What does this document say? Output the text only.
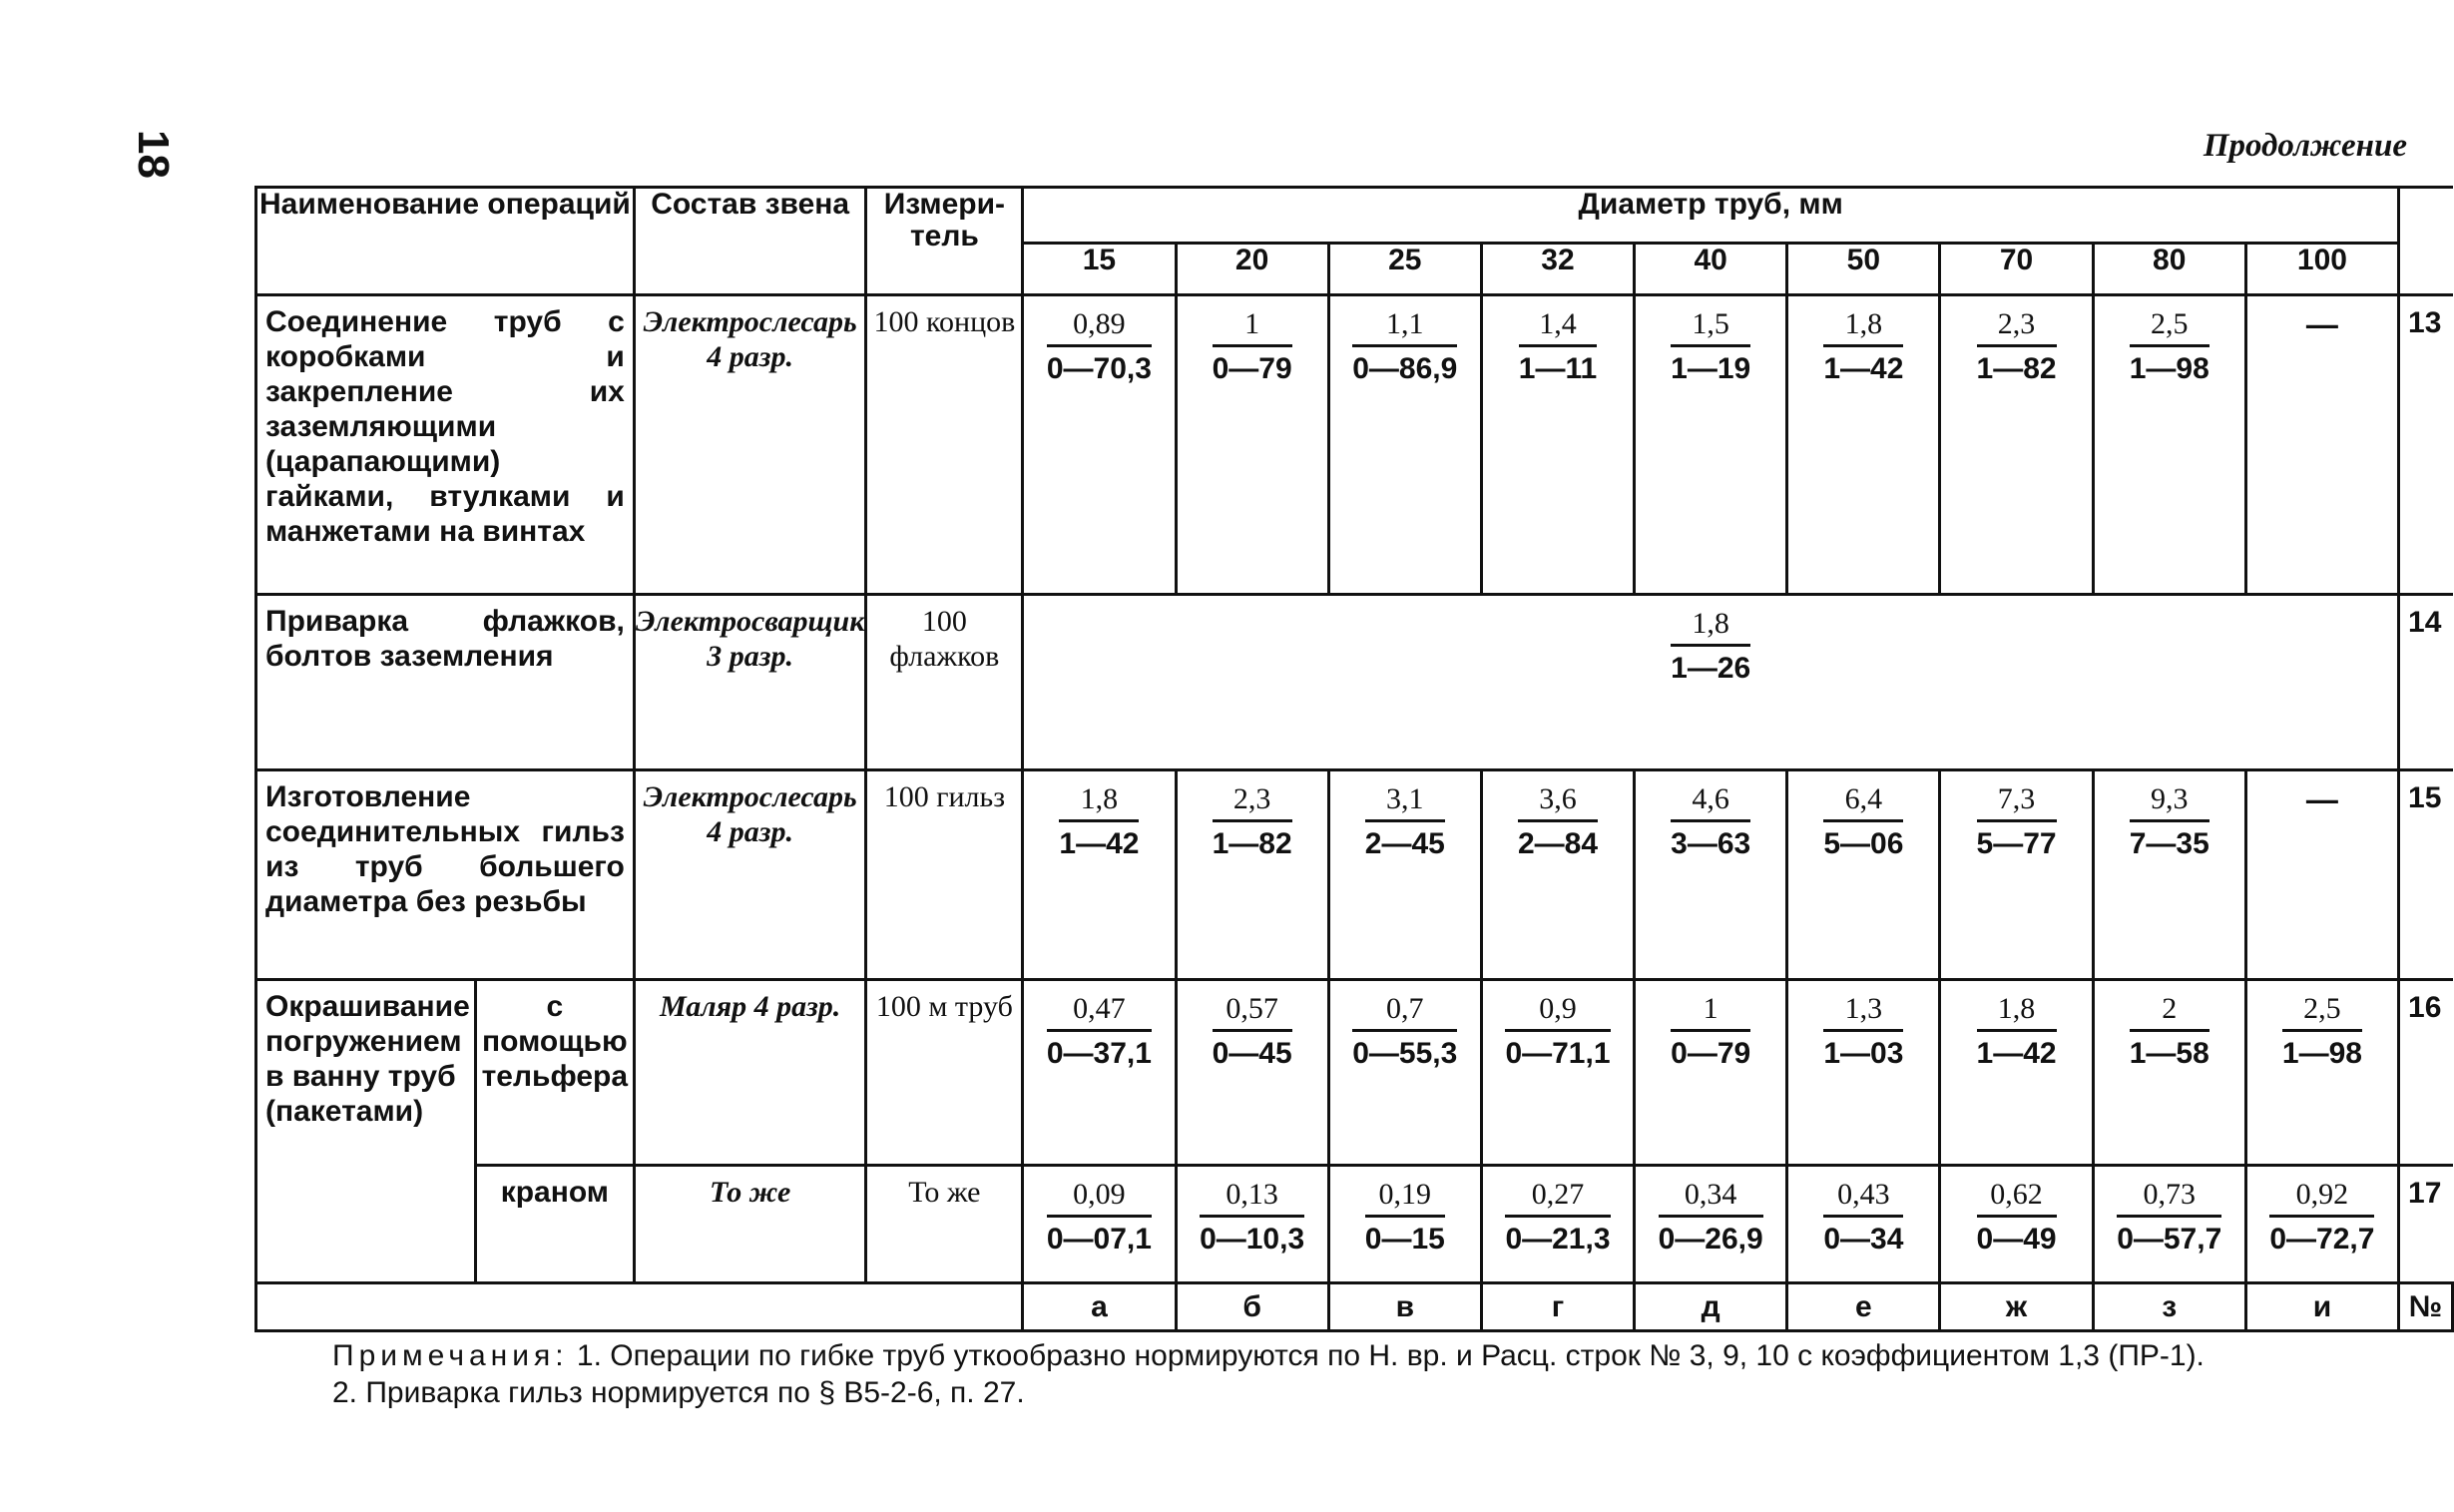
18	Продолжение
Наименование операций		Состав звена	Измери-тель	Диаметр труб, мм									
				15	20	25	32	40	50	70	80	100	
Соединение труб с коробками и закрепление их заземляющими (царапающими) гайками, втулками и манжетами на винтах		Электрослесарь 4 разр.	100 концов	$\frac{0,89}{0—70,3}$	$\frac{1}{0—79}$	$\frac{1,1}{0—86,9}$	$\frac{1,4}{1—11}$	$\frac{1,5}{1—19}$	$\frac{1,8}{1—42}$	$\frac{2,3}{1—82}$	$\frac{2,5}{1—98}$	—	13
Приварка флажков, болтов заземления		Электросварщик 3 разр.	100 флажков	$\frac{1,8}{1—26}$									14
Изготовление соединительных гильз из труб большего диаметра без резьбы		Электрослесарь 4 разр.	100 гильз	$\frac{1,8}{1—42}$	$\frac{2,3}{1—82}$	$\frac{3,1}{2—45}$	$\frac{3,6}{2—84}$	$\frac{4,6}{3—63}$	$\frac{6,4}{5—06}$	$\frac{7,3}{5—77}$	$\frac{9,3}{7—35}$	—	15
Окрашивание погружением в ванну труб (пакетами)	с помощью тельфера	Маляр 4 разр.	100 м труб	$\frac{0,47}{0—37,1}$	$\frac{0,57}{0—45}$	$\frac{0,7}{0—55,3}$	$\frac{0,9}{0—71,1}$	$\frac{1}{0—79}$	$\frac{1,3}{1—03}$	$\frac{1,8}{1—42}$	$\frac{2}{1—58}$	$\frac{2,5}{1—98}$	16
	краном	То же	То же	$\frac{0,09}{0—07,1}$	$\frac{0,13}{0—10,3}$	$\frac{0,19}{0—15}$	$\frac{0,27}{0—21,3}$	$\frac{0,34}{0—26,9}$	$\frac{0,43}{0—34}$	$\frac{0,62}{0—49}$	$\frac{0,73}{0—57,7}$	$\frac{0,92}{0—72,7}$	17
				а	б	в	г	д	е	ж	з	и	№
Примечания: 1. Операции по гибке труб уткообразно нормируются по Н. вр. и Расц. строк № 3, 9, 10 с коэффициентом 1,3 (ПР-1).
2. Приварка гильз нормируется по § В5-2-6, п. 27.
